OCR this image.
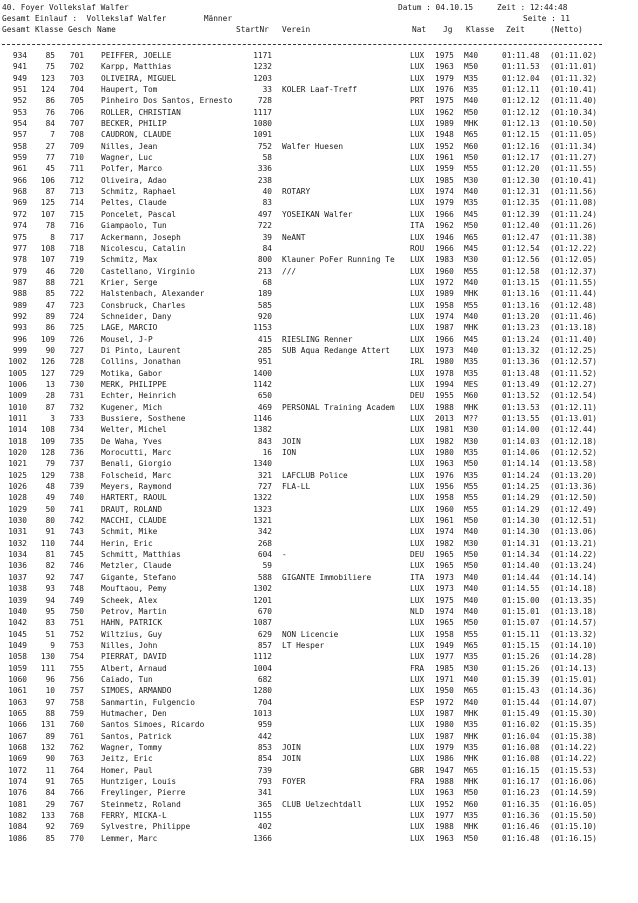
40. Foyer Vollekslaf Walfer	Datum : 04.10.15	Zeit : 12:44:48
Gesamt Einlauf :  Vollekslaf Walfer        Männer	Seite : 11
Gesamt Klasse Gesch Name	StartNr Verein	Nat Jg Klasse Zeit	(Netto)
934	85	701 PEIFFER, JOELLE	1171	LUX	1975	M40	01:11.48	(01:11.02)
941	75	702 Karpp, Matthias	1232	LUX	1963	M50	01:11.53	(01:11.01)
949	123	703 OLIVEIRA, MIGUEL	1203	LUX	1979	M35	01:12.04	(01:11.32)
951	124	704 Haupert, Tom	33 KOLER Laaf-Treff	LUX	1976	M35	01:12.11	(01:10.41)
952	86	705 Pinheiro Dos Santos, Ernesto	728	PRT	1975	M40	01:12.12	(01:11.40)
953	76	706 ROLLER, CHRISTIAN	1117	LUX	1962	M50	01:12.12	(01:10.34)
954	84	707 BECKER, PHILIP	1080	LUX	1989	MHK	01:12.13	(01:10.50)
957	7	708 CAUDRON, CLAUDE	1091	LUX	1948	M65	01:12.15	(01:11.05)
958	27	709 Nilles, Jean	752 Walfer Huesen	LUX	1952	M60	01:12.16	(01:11.34)
959	77	710 Wagner, Luc	58	LUX	1961	M50	01:12.17	(01:11.27)
961	45	711 Polfer, Marco	336	LUX	1959	M55	01:12.20	(01:11.55)
966	106	712 Oliveira, Adao	238	LUX	1985	M30	01:12.30	(01:10.41)
968	87	713 Schmitz, Raphael	40 ROTARY	LUX	1974	M40	01:12.31	(01:11.56)
969	125	714 Peltes, Claude	83	LUX	1979	M35	01:12.35	(01:11.08)
972	107	715 Poncelet, Pascal	497 YOSEIKAN Walfer	LUX	1966	M45	01:12.39	(01:11.24)
974	78	716 Giampaolo, Tun	722	ITA	1962	M50	01:12.40	(01:11.26)
975	8	717 Ackermann, Joseph	39 NeANT	LUX	1946	M65	01:12.47	(01:11.38)
977	108	718 Nicolescu, Catalin	84	ROU	1966	M45	01:12.54	(01:12.22)
978	107	719 Schmitz, Max	800 Klauner PoFer Running Te	LUX	1983	M30	01:12.56	(01:12.05)
979	46	720 Castellano, Virginio	213 ///	LUX	1960	M55	01:12.58	(01:12.37)
987	88	721 Krier, Serge	68	LUX	1972	M40	01:13.15	(01:11.55)
988	85	722 Halstenbach, Alexander	189	LUX	1989	MHK	01:13.16	(01:11.44)
989	47	723 Consbruck, Charles	585	LUX	1958	M55	01:13.16	(01:12.48)
992	89	724 Schneider, Dany	920	LUX	1974	M40	01:13.20	(01:11.46)
993	86	725 LAGE, MARCIO	1153	LUX	1987	MHK	01:13.23	(01:13.18)
996	109	726 Mousel, J-P	415 RIESLING Renner	LUX	1966	M45	01:13.24	(01:11.40)
999	90	727 Di Pinto, Laurent	285 SUB Aqua Redange Attert	LUX	1973	M40	01:13.32	(01:12.25)
1002	126	728 Collins, Jonathan	951	IRL	1980	M35	01:13.36	(01:12.57)
1005	127	729 Motika, Gabor	1400	LUX	1978	M35	01:13.48	(01:11.52)
1006	13	730 MERK, PHILIPPE	1142	LUX	1994	MES	01:13.49	(01:12.27)
1009	28	731 Echter, Heinrich	650	DEU	1955	M60	01:13.52	(01:12.54)
1010	87	732 Kugener, Mich	469 PERSONAL Training Academ	LUX	1988	MHK	01:13.53	(01:12.11)
1011	3	733 Bussiere, Sosthene	1146	LUX	2013	M??	01:13.55	(01:13.01)
1014	108	734 Welter, Michel	1382	LUX	1981	M30	01:14.00	(01:12.44)
1018	109	735 De Waha, Yves	843 JOIN	LUX	1982	M30	01:14.03	(01:12.18)
1020	128	736 Morocutti, Marc	16 ION	LUX	1980	M35	01:14.06	(01:12.52)
1021	79	737 Benali, Giorgio	1340	LUX	1963	M50	01:14.14	(01:13.58)
1025	129	738 Folscheid, Marc	321 LAFCLUB Police	LUX	1976	M35	01:14.24	(01:13.20)
1026	48	739 Meyers, Raymond	727 FLA-LL	LUX	1956	M55	01:14.25	(01:13.36)
1028	49	740 HARTERT, RAOUL	1322	LUX	1958	M55	01:14.29	(01:12.50)
1029	50	741 DRAUT, ROLAND	1323	LUX	1960	M55	01:14.29	(01:12.49)
1030	80	742 MACCHI, CLAUDE	1321	LUX	1961	M50	01:14.30	(01:12.51)
1031	91	743 Schmit, Mike	342	LUX	1974	M40	01:14.30	(01:13.06)
1032	110	744 Herin, Eric	268	LUX	1982	M30	01:14.31	(01:13.21)
1034	81	745 Schmitt, Matthias	604 -	DEU	1965	M50	01:14.34	(01:14.22)
1036	82	746 Metzler, Claude	59	LUX	1965	M50	01:14.40	(01:13.24)
1037	92	747 Gigante, Stefano	588 GIGANTE Immobiliere	ITA	1973	M40	01:14.44	(01:14.14)
1038	93	748 Mouftaou, Pemy	1302	LUX	1973	M40	01:14.55	(01:14.18)
1039	94	749 Scheek, Alex	1201	LUX	1975	M40	01:15.00	(01:13.35)
1040	95	750 Petrov, Martin	670	NLD	1974	M40	01:15.01	(01:13.18)
1042	83	751 HAHN, PATRICK	1087	LUX	1965	M50	01:15.07	(01:14.57)
1045	51	752 Wiltzius, Guy	629 NON Licencie	LUX	1958	M55	01:15.11	(01:13.32)
1049	9	753 Nilles, John	857 LT Hesper	LUX	1949	M65	01:15.15	(01:14.10)
1058	130	754 PIERRAT, DAVID	1112	LUX	1977	M35	01:15.26	(01:14.28)
1059	111	755 Albert, Arnaud	1004	FRA	1985	M30	01:15.26	(01:14.13)
1060	96	756 Caiado, Tun	682	LUX	1971	M40	01:15.39	(01:15.01)
1061	10	757 SIMOES, ARMANDO	1280	LUX	1950	M65	01:15.43	(01:14.36)
1063	97	758 Sanmartin, Fulgencio	704	ESP	1972	M40	01:15.44	(01:14.07)
1065	88	759 Hutmacher, Den	1013	LUX	1987	MHK	01:15.49	(01:15.30)
1066	131	760 Santos Simoes, Ricardo	959	LUX	1980	M35	01:16.02	(01:15.35)
1067	89	761 Santos, Patrick	442	LUX	1987	MHK	01:16.04	(01:15.38)
1068	132	762 Wagner, Tommy	853 JOIN	LUX	1979	M35	01:16.08	(01:14.22)
1069	90	763 Jeitz, Eric	854 JOIN	LUX	1986	MHK	01:16.08	(01:14.22)
1072	11	764 Homer, Paul	739	GBR	1947	M65	01:16.15	(01:15.53)
1074	91	765 Huntziger, Louis	793 FOYER	FRA	1988	MHK	01:16.17	(01:16.06)
1076	84	766 Freylinger, Pierre	341	LUX	1963	M50	01:16.23	(01:14.59)
1081	29	767 Steinmetz, Roland	365 CLUB Uelzechtdall	LUX	1952	M60	01:16.35	(01:16.05)
1082	133	768 FERRY, MICKA-L	1155	LUX	1977	M35	01:16.36	(01:15.50)
1084	92	769 Sylvestre, Philippe	402	LUX	1988	MHK	01:16.46	(01:15.10)
1086	85	770 Lemmer, Marc	1366	LUX	1963	M50	01:16.48	(01:16.15)
